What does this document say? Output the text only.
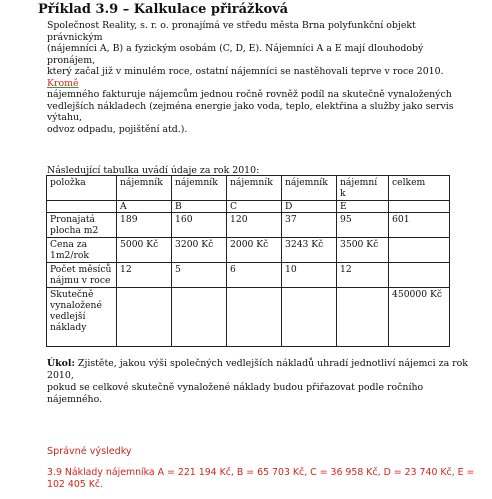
Příklad 3.9 – Kalkulace přirážková
Společnost Reality, s. r. o. pronajímá ve středu města Brna polyfunkční objekt
právnickým
(nájemníci A, B) a fyzickým osobám (C, D, E). Nájemníci A a E mají dlouhodobý
pronájem,
který začal již v minulém roce, ostatní nájemníci se nastěhovali teprve v roce 2010.
Kromě
nájemného fakturuje nájemcům jednou ročně rovněž podíl na skutečně vynaložených
vedlejších nákladech (zejména energie jako voda, teplo, elektřina a služby jako servis
výtahu,
odvoz odpadu, pojištění atd.).
Následující tabulka uvádí údaje za rok 2010:
položka	nájemník	nájemník	nájemník	nájemník	nájemní
k	celkem
	A	B	C	D	E	
Pronajatá plocha m2	189	160	120	37	95	601
Cena za 1m2/rok	5000 Kč	3200 Kč	2000 Kč	3243 Kč	3500 Kč	
Počet měsíců nájmu v roce	12	5	6	10	12	
Skutečně vynaložené vedlejší náklady						450000 Kč
Úkol: Zjistěte, jakou výši společných vedlejších nákladů uhradí jednotliví nájemci za rok
2010,
pokud se celkové skutečně vynaložené náklady budou přiřazovat podle ročního
nájemného.
Správné výsledky
3.9 Náklady nájemníka A = 221 194 Kč, B = 65 703 Kč, C = 36 958 Kč, D = 23 740 Kč, E =
102 405 Kč.
